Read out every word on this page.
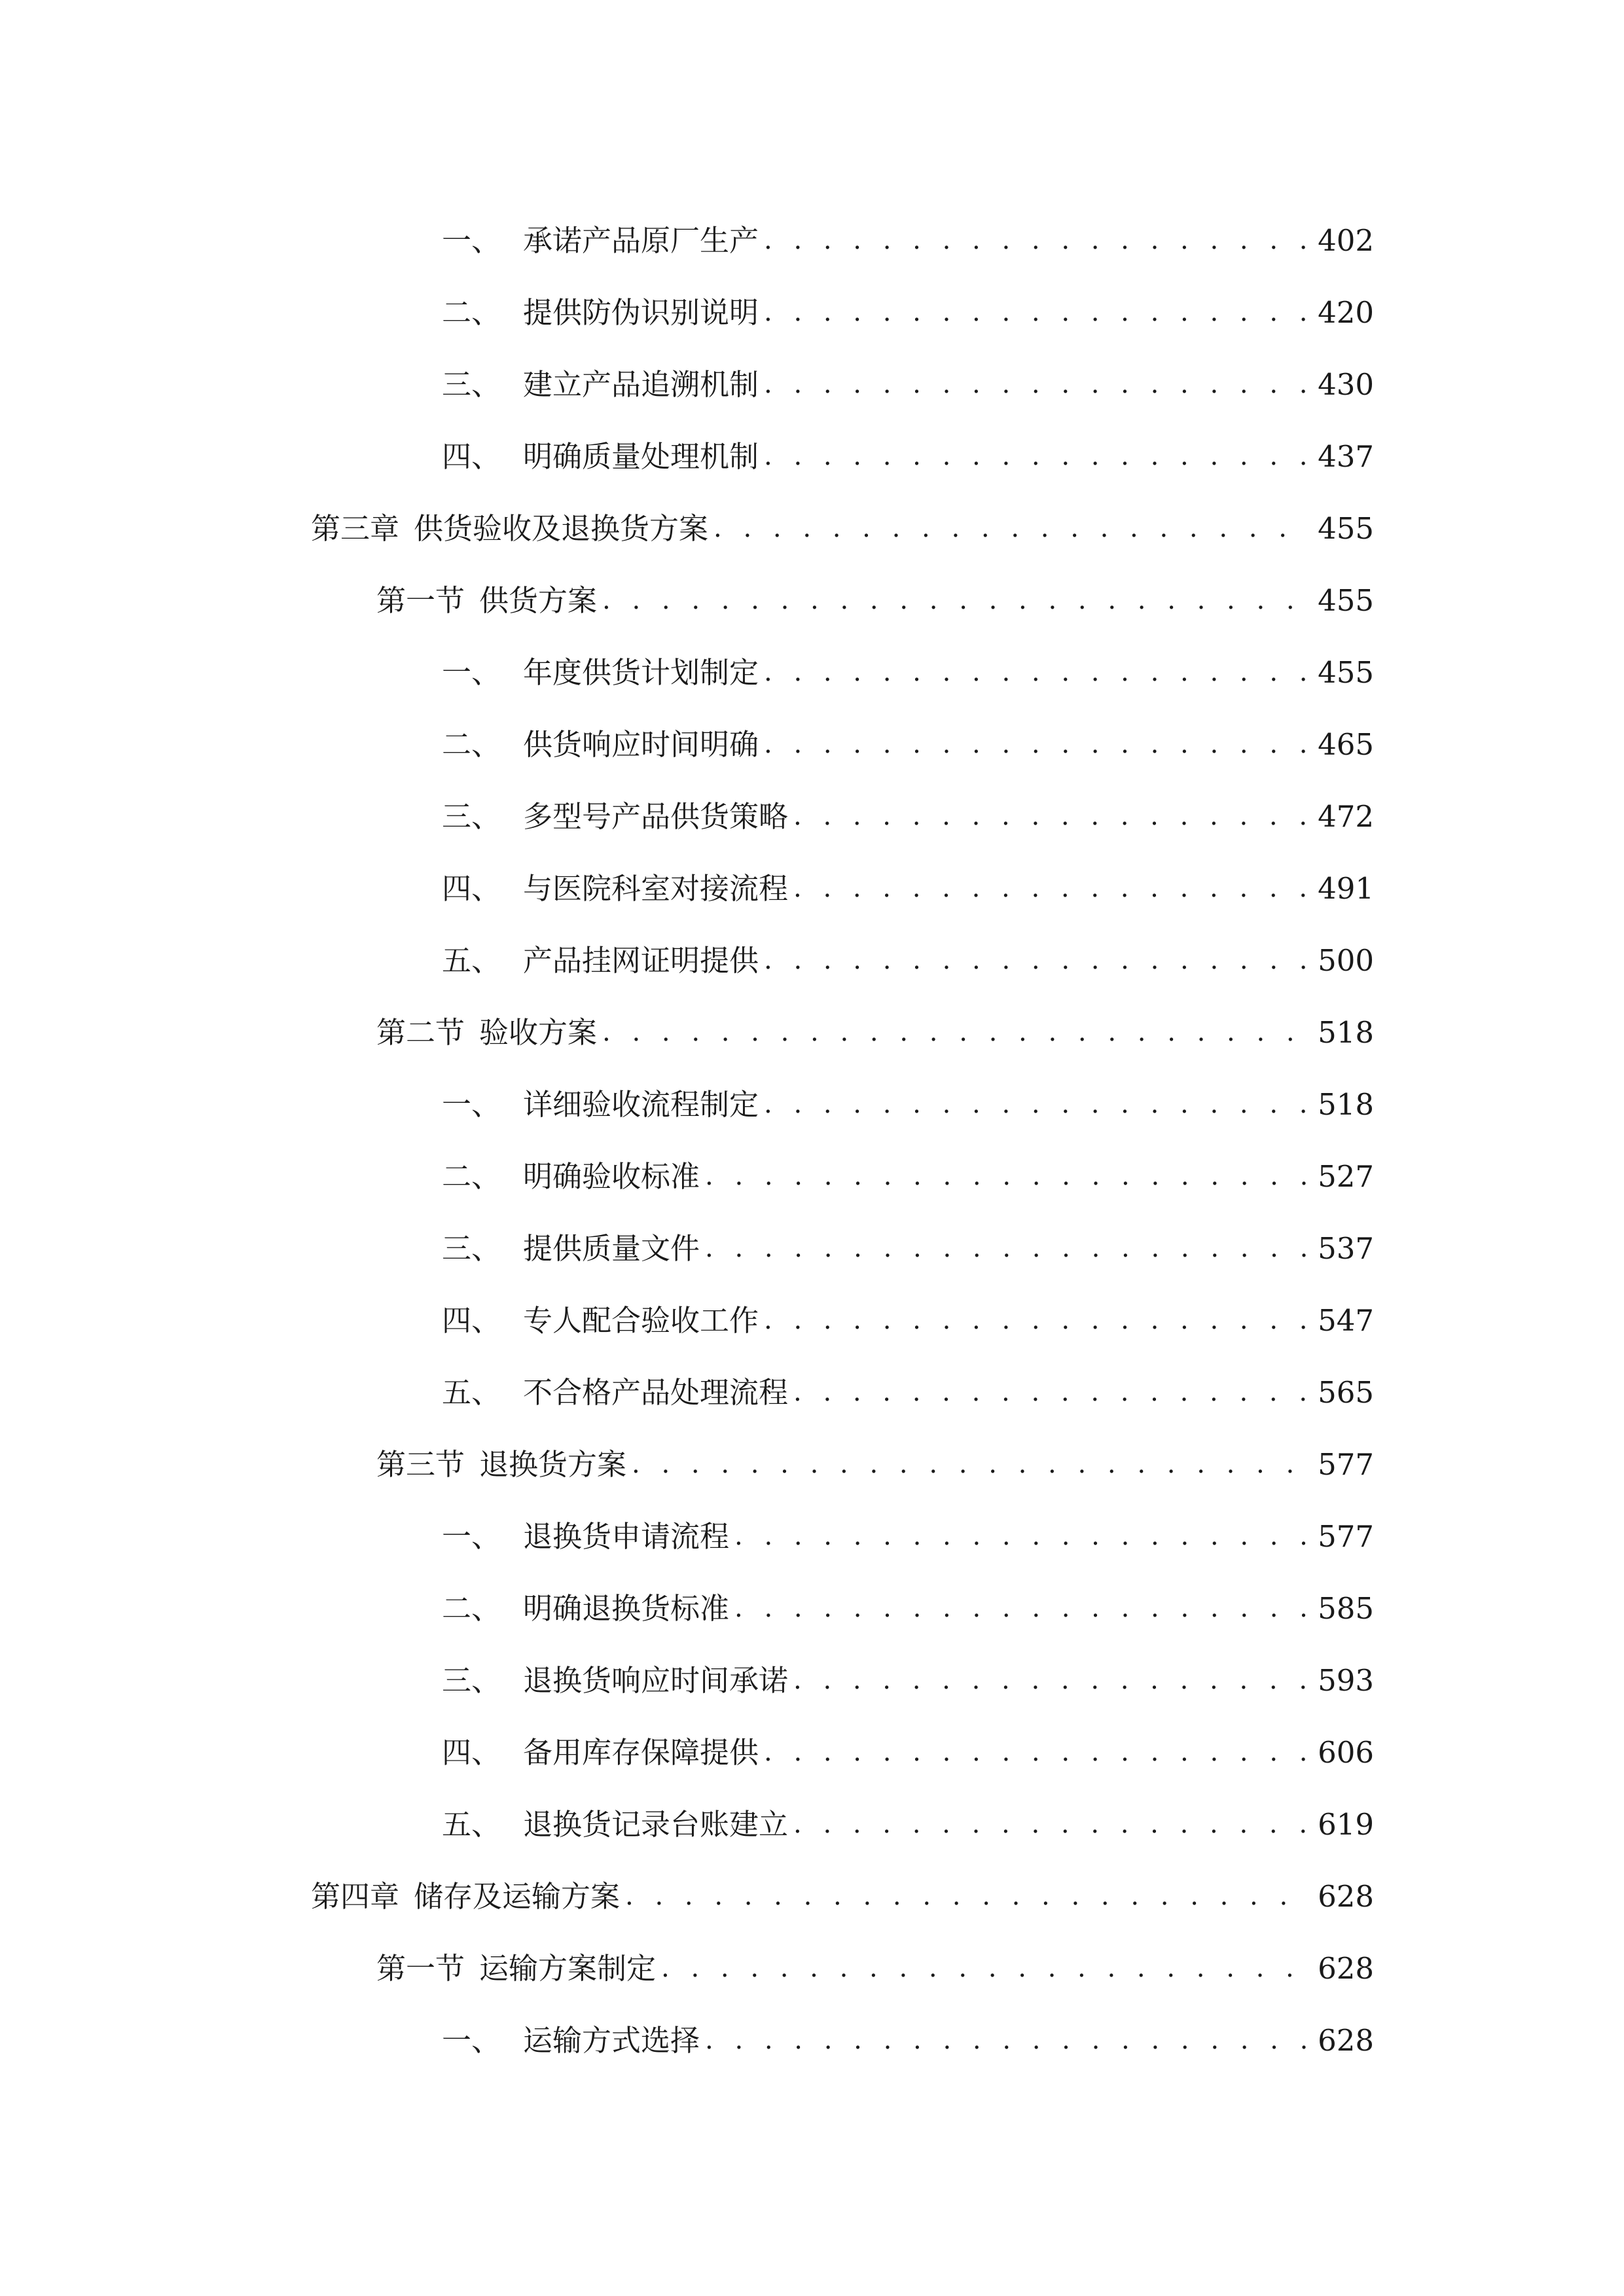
一、 承诺产品原厂生产 . . .	402
二、 提供防伪识别说明 . . .	420
三、 建立产品追溯机制 . . .	430
四、 明确质量处理机制 . . .	437
第三章 供货验收及退换货方案 . . .	455
第一节 供货方案 . . .	455
一、 年度供货计划制定 . . .	455
二、 供货响应时间明确 . . .	465
三、 多型号产品供货策略 . . .	472
四、 与医院科室对接流程 . . .	491
五、 产品挂网证明提供 . . .	500
第二节 验收方案 . . .	518
一、 详细验收流程制定 . . .	518
二、 明确验收标准 . . .	527
三、 提供质量文件 . . .	537
四、 专人配合验收工作 . . .	547
五、 不合格产品处理流程 . . .	565
第三节 退换货方案 . . .	577
一、 退换货申请流程 . . .	577
二、 明确退换货标准 . . .	585
三、 退换货响应时间承诺 . . .	593
四、 备用库存保障提供 . . .	606
五、 退换货记录台账建立 . . .	619
第四章 储存及运输方案 . . .	628
第一节 运输方案制定 . . .	628
一、 运输方式选择 . . .	628
